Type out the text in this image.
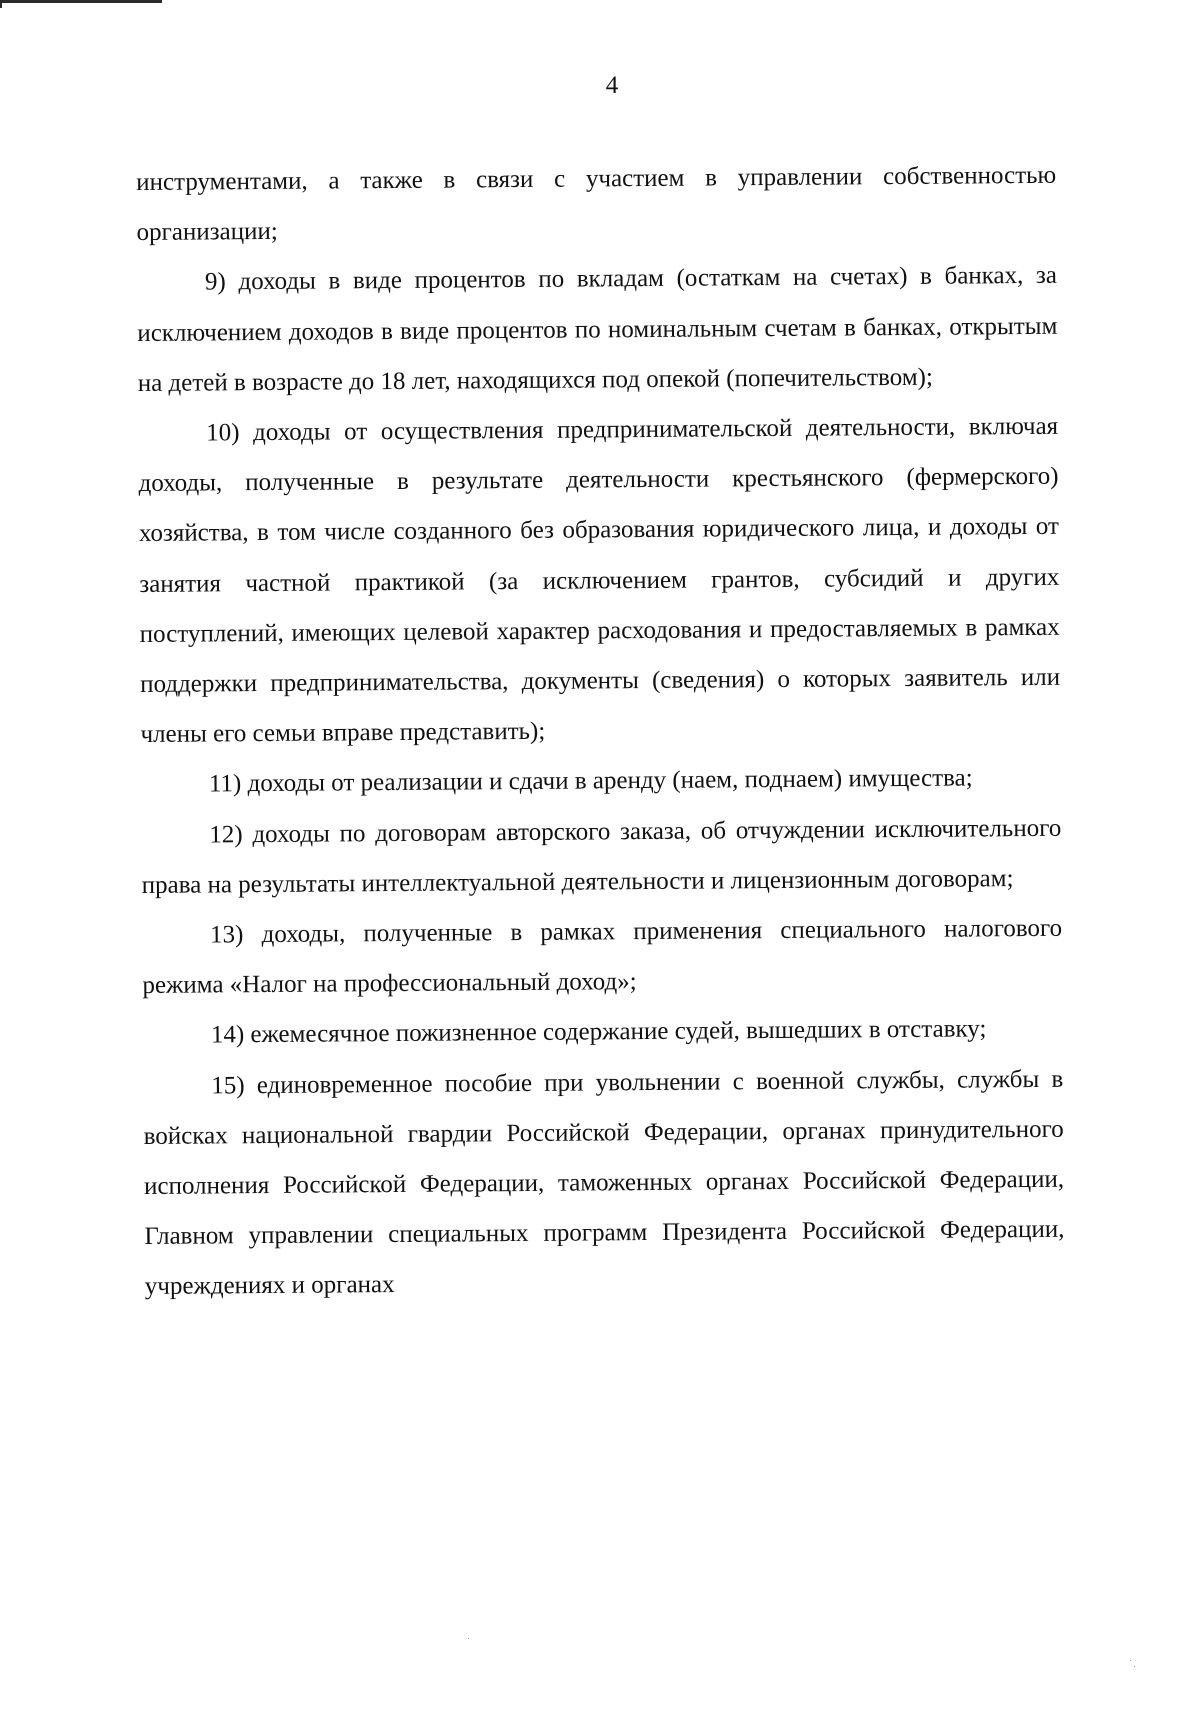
4

инструментами, а также в связи с участием в управлении собственностью организации;

9) доходы в виде процентов по вкладам (остаткам на счетах) в банках, за исключением доходов в виде процентов по номинальным счетам в банках, открытым на детей в возрасте до 18 лет, находящихся под опекой (попечительством);

10) доходы от осуществления предпринимательской деятельности, включая доходы, полученные в результате деятельности крестьянского (фермерского) хозяйства, в том числе созданного без образования юридического лица, и доходы от занятия частной практикой (за исключением грантов, субсидий и других поступлений, имеющих целевой характер расходования и предоставляемых в рамках поддержки предпринимательства, документы (сведения) о которых заявитель или члены его семьи вправе представить);

11) доходы от реализации и сдачи в аренду (наем, поднаем) имущества;

12) доходы по договорам авторского заказа, об отчуждении исключительного права на результаты интеллектуальной деятельности и лицензионным договорам;

13) доходы, полученные в рамках применения специального налогового режима «Налог на профессиональный доход»;

14) ежемесячное пожизненное содержание судей, вышедших в отставку;

15) единовременное пособие при увольнении с военной службы, службы в войсках национальной гвардии Российской Федерации, органах принудительного исполнения Российской Федерации, таможенных органах Российской Федерации, Главном управлении специальных программ Президента Российской Федерации, учреждениях и органах
